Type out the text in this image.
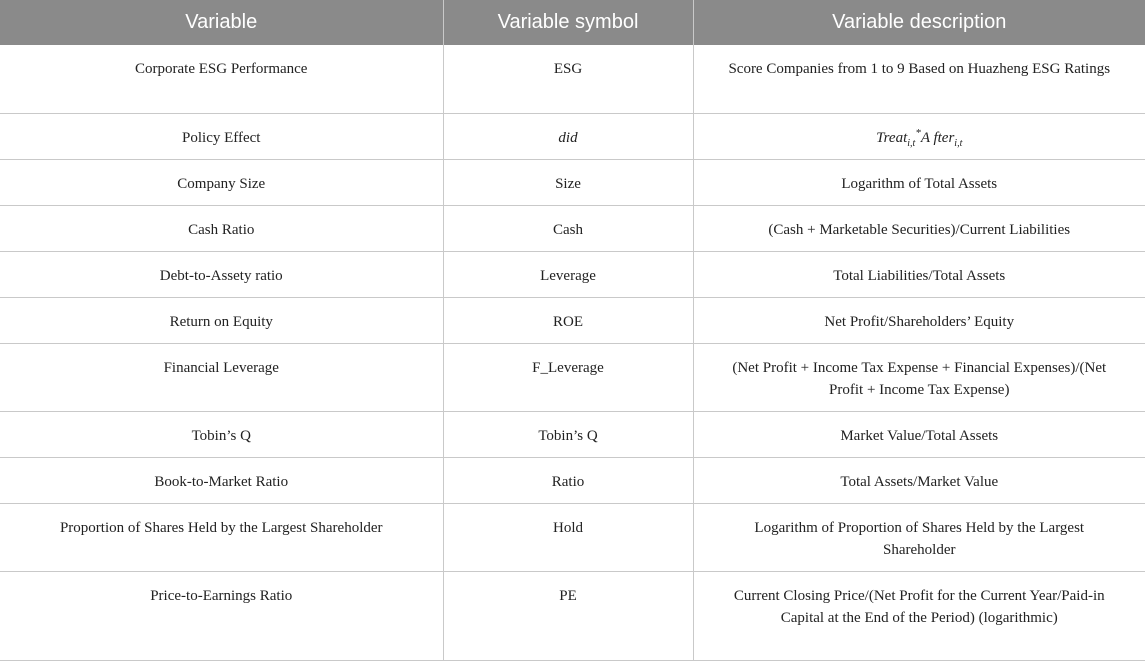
Variable	Variable symbol	Variable description
Corporate ESG Performance	ESG	Score Companies from 1 to 9 Based on Huazheng ESG Ratings
Policy Effect	did	Treat$_{i,t}$*A fter$_{i,t}$
Company Size	Size	Logarithm of Total Assets
Cash Ratio	Cash	(Cash + Marketable Securities)/Current Liabilities
Debt-to-Assety ratio	Leverage	Total Liabilities/Total Assets
Return on Equity	ROE	Net Profit/Shareholders’ Equity
Financial Leverage	F_Leverage	(Net Profit + Income Tax Expense + Financial Expenses)/(Net Profit + Income Tax Expense)
Tobin’s Q	Tobin’s Q	Market Value/Total Assets
Book-to-Market Ratio	Ratio	Total Assets/Market Value
Proportion of Shares Held by the Largest Shareholder	Hold	Logarithm of Proportion of Shares Held by the Largest Shareholder
Price-to-Earnings Ratio	PE	Current Closing Price/(Net Profit for the Current Year/Paid-in Capital at the End of the Period) (logarithmic)
